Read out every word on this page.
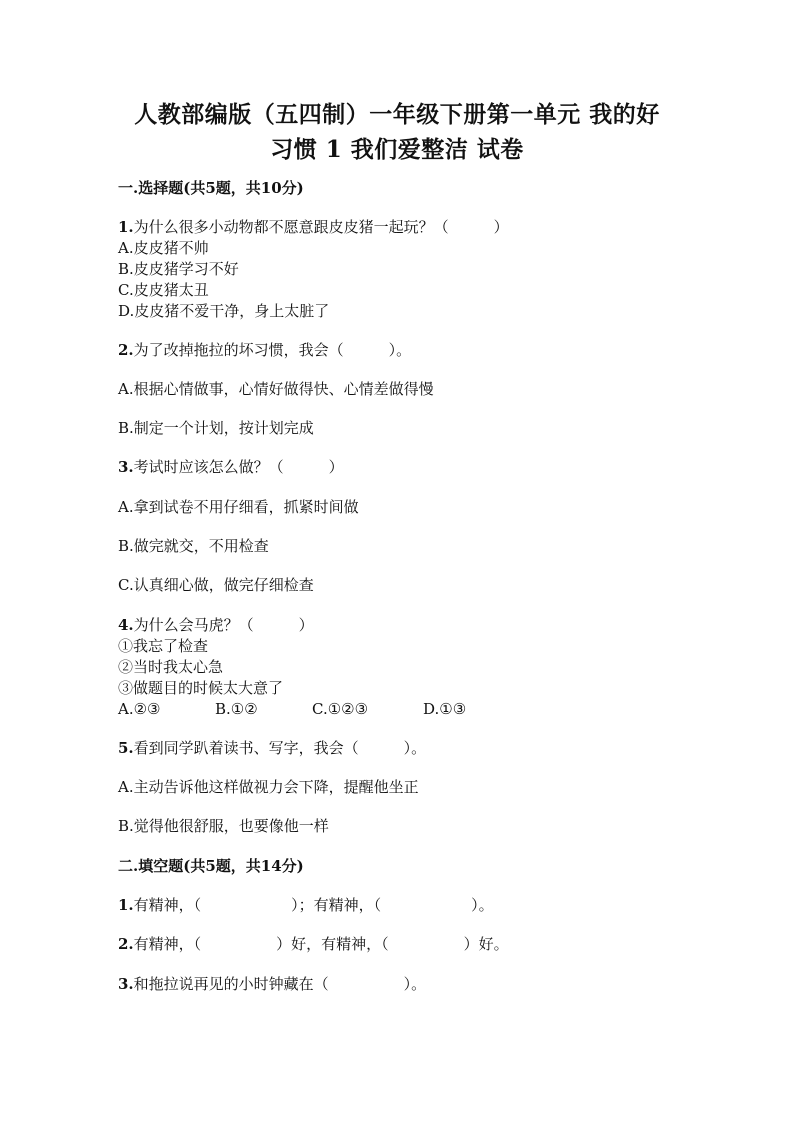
人教部编版（五四制）一年级下册第一单元 我的好
习惯 1 我们爱整洁 试卷
一.选择题(共5题，共10分)
1.为什么很多小动物都不愿意跟皮皮猪一起玩？（　　　）
A.皮皮猪不帅
B.皮皮猪学习不好
C.皮皮猪太丑
D.皮皮猪不爱干净，身上太脏了
2.为了改掉拖拉的坏习惯，我会（　　　）。
A.根据心情做事，心情好做得快、心情差做得慢
B.制定一个计划，按计划完成
3.考试时应该怎么做？（　　　）
A.拿到试卷不用仔细看，抓紧时间做
B.做完就交，不用检查
C.认真细心做，做完仔细检查
4.为什么会马虎？（　　　）
①我忘了检查
②当时我太心急
③做题目的时候太大意了
A.②③	B.①②	C.①②③	D.①③
5.看到同学趴着读书、写字，我会（　　　）。
A.主动告诉他这样做视力会下降，提醒他坐正
B.觉得他很舒服，也要像他一样
二.填空题(共5题，共14分)
1.有精神，（　　　　　　）；有精神，（　　　　　　）。
2.有精神，（　　　　　）好，有精神，（　　　　　）好。
3.和拖拉说再见的小时钟藏在（　　　　　）。
